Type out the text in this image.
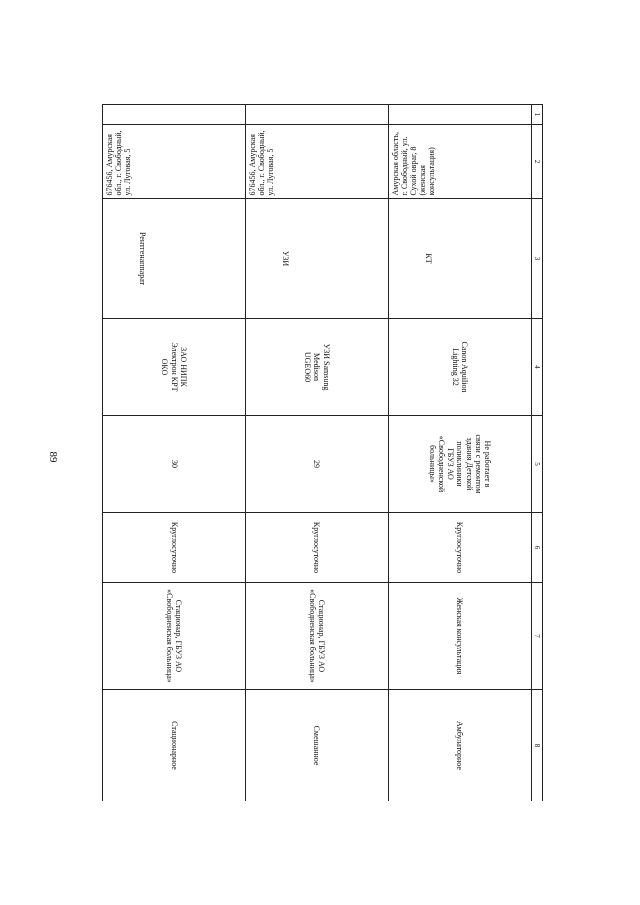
89
1	2	3	4	5	6	7	8
	Амурская область, г. Свободный, ул. Сухой овраг, 8 (женская консультация)	КТ	Canon Aquilion Lighting 32	Не работает в связи с ремонтом здания Детской поликлиники ГБУЗ АО «Свободненской больницы»	Круглосуточно	Женская консультация	Амбулаторное
	676456, Амурская обл., г. Свободный, ул. Луговая, 5	УЗИ	УЗИ Samsung Medison UGEO60	29	Круглосуточно	Стационар, ГБУЗ АО «Свободненская больница»	Смешанное
	676456, Амурская обл., г. Свободный, ул. Луговая, 5	Рентгенаппарат	ЗАО НИПК Электрон КРТ ОКО	30	Круглосуточно	Стационар, ГБУЗ АО «Свободненская больница»	Стационарное
